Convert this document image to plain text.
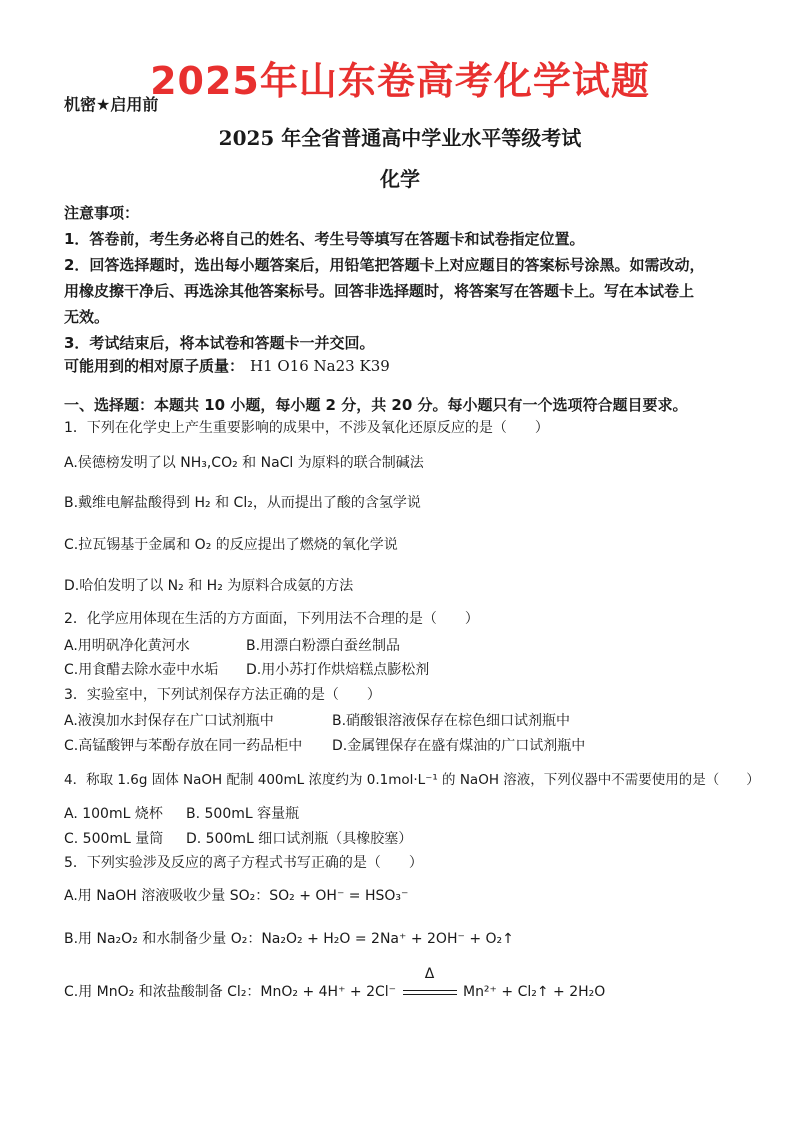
2025年山东卷高考化学试题
机密★启用前
2025 年全省普通高中学业水平等级考试
化学
注意事项：
1．答卷前，考生务必将自己的姓名、考生号等填写在答题卡和试卷指定位置。
2．回答选择题时，选出每小题答案后，用铅笔把答题卡上对应题目的答案标号涂黑。如需改动，
用橡皮擦干净后、再选涂其他答案标号。回答非选择题时，将答案写在答题卡上。写在本试卷上
无效。
3．考试结束后，将本试卷和答题卡一并交回。
可能用到的相对原子质量： H1 O16 Na23 K39
一、选择题：本题共 10 小题，每小题 2 分，共 20 分。每小题只有一个选项符合题目要求。
1．下列在化学史上产生重要影响的成果中，不涉及氧化还原反应的是（　　）
A.侯德榜发明了以 NH₃,CO₂ 和 NaCl 为原料的联合制碱法
B.戴维电解盐酸得到 H₂ 和 Cl₂，从而提出了酸的含氢学说
C.拉瓦锡基于金属和 O₂ 的反应提出了燃烧的氧化学说
D.哈伯发明了以 N₂ 和 H₂ 为原料合成氨的方法
2．化学应用体现在生活的方方面面，下列用法不合理的是（　　）
A.用明矾净化黄河水	B.用漂白粉漂白蚕丝制品
C.用食醋去除水壶中水垢 D.用小苏打作烘焙糕点膨松剂
3．实验室中，下列试剂保存方法正确的是（　　）
A.液溴加水封保存在广口试剂瓶中	B.硝酸银溶液保存在棕色细口试剂瓶中
C.高锰酸钾与苯酚存放在同一药品柜中 D.金属锂保存在盛有煤油的广口试剂瓶中
4．称取 1.6g 固体 NaOH 配制 400mL 浓度约为 0.1mol·L⁻¹ 的 NaOH 溶液，下列仪器中不需要使用的是（　　）
A. 100mL 烧杯 B. 500mL 容量瓶
C. 500mL 量筒 D. 500mL 细口试剂瓶（具橡胶塞）
5．下列实验涉及反应的离子方程式书写正确的是（　　）
A.用 NaOH 溶液吸收少量 SO₂：SO₂ + OH⁻ = HSO₃⁻
B.用 Na₂O₂ 和水制备少量 O₂：Na₂O₂ + H₂O = 2Na⁺ + 2OH⁻ + O₂↑
C.用 MnO₂ 和浓盐酸制备 Cl₂：MnO₂ + 4H⁺ + 2Cl⁻
Δ
Mn²⁺ + Cl₂↑ + 2H₂O
